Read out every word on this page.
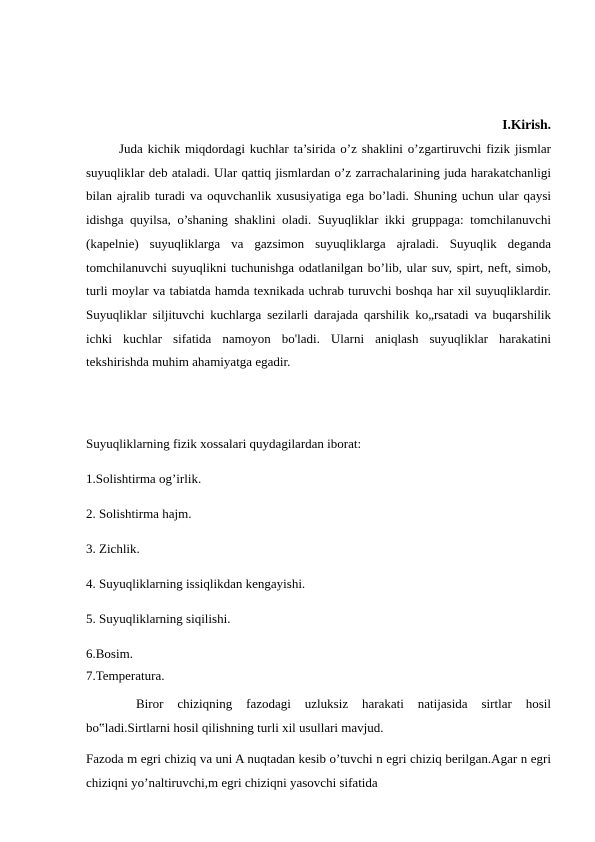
I.Kirish.

Juda kichik miqdordagi kuchlar ta’sirida o’z shaklini o’zgartiruvchi fizik jismlar suyuqliklar deb ataladi. Ular qattiq jismlardan o’z zarrachalarining juda harakatchanligi bilan ajralib turadi va oquvchanlik xususiyatiga ega bo’ladi. Shuning uchun ular qaysi idishga quyilsa, o’shaning shaklini oladi. Suyuqliklar ikki gruppaga: tomchilanuvchi (kapelnie) suyuqliklarga va gazsimon suyuqliklarga ajraladi. Suyuqlik deganda tomchilanuvchi suyuqlikni tuchunishga odatlanilgan bo’lib, ular suv, spirt, neft, simob, turli moylar va tabiatda hamda texnikada uchrab turuvchi boshqa har xil suyuqliklardir. Suyuqliklar siljituvchi kuchlarga sezilarli darajada qarshilik ko„rsatadi va buqarshilik ichki kuchlar sifatida namoyon bo'ladi. Ularni aniqlash suyuqliklar harakatini tekshirishda muhim ahamiyatga egadir.

Suyuqliklarning fizik xossalari quydagilardan iborat:
1.Solishtirma og’irlik.
2. Solishtirma hajm.
3. Zichlik.
4. Suyuqliklarning issiqlikdan kengayishi.
5. Suyuqliklarning siqilishi.
6.Bosim.
7.Temperatura.

Biror chiziqning fazodagi uzluksiz harakati natijasida sirtlar hosil bo‟ladi.Sirtlarni hosil qilishning turli xil usullari mavjud.

Fazoda m egri chiziq va uni A nuqtadan kesib o’tuvchi n egri chiziq berilgan.Agar n egri chiziqni yo’naltiruvchi,m egri chiziqni yasovchi sifatida
